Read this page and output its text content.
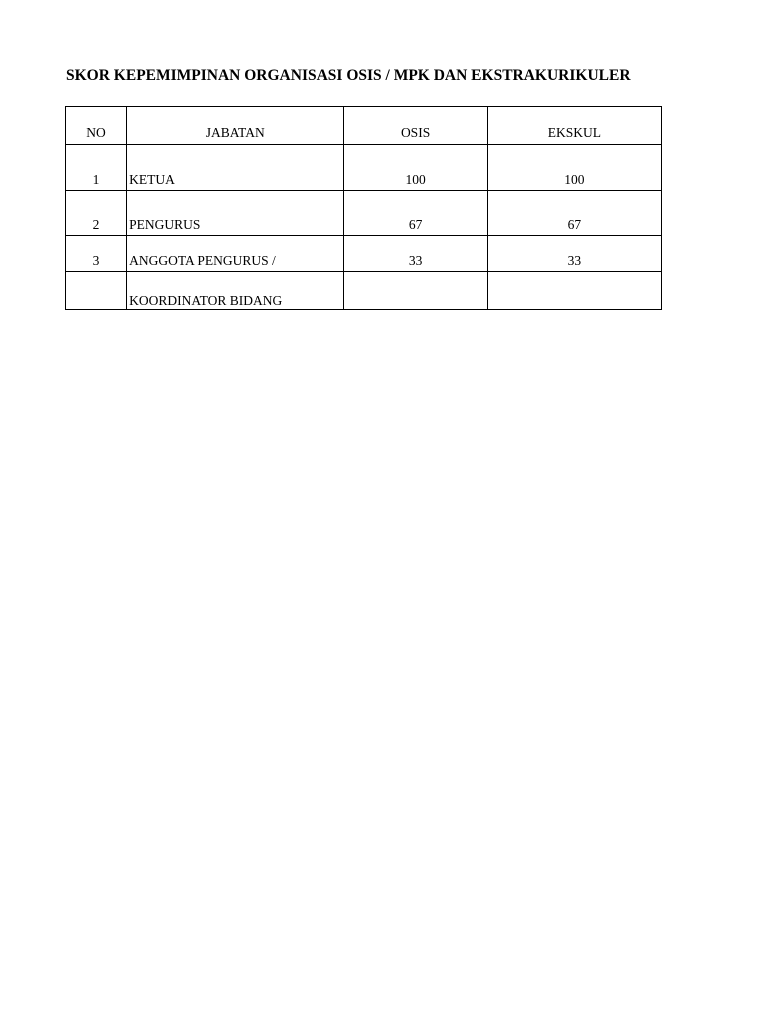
SKOR KEPEMIMPINAN ORGANISASI OSIS / MPK DAN EKSTRAKURIKULER
NO	JABATAN	OSIS	EKSKUL
1	KETUA	100	100
2	PENGURUS	67	67
3	ANGGOTA PENGURUS /	33	33
	KOORDINATOR BIDANG		
